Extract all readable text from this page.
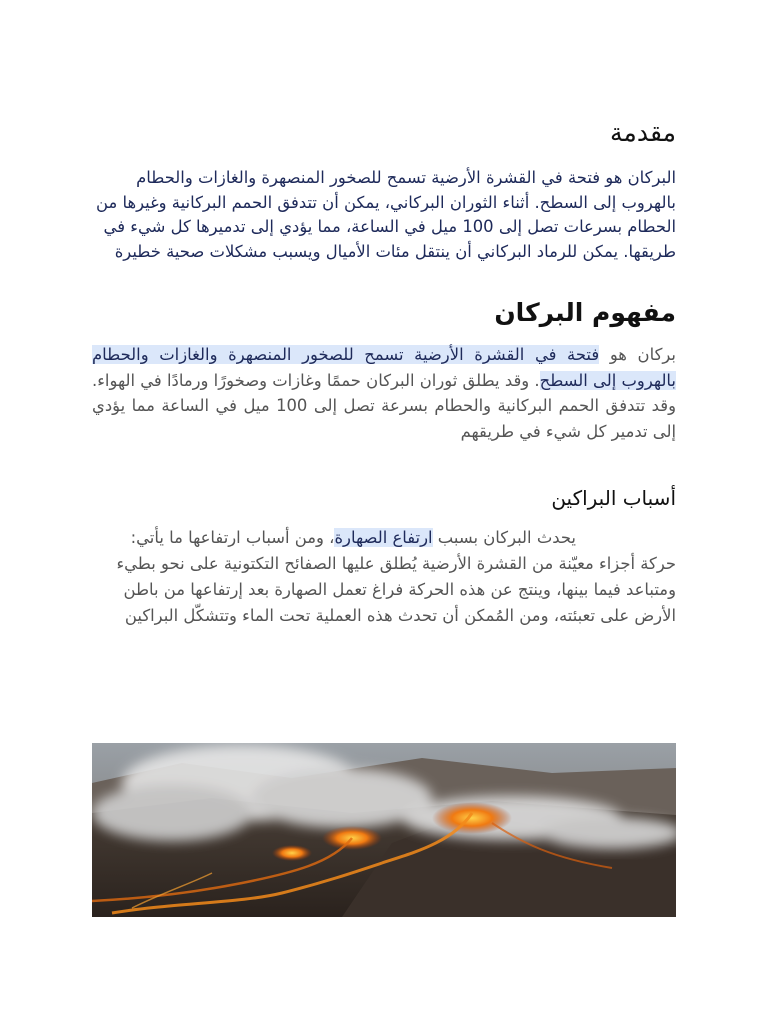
مقدمة

البركان هو فتحة في القشرة الأرضية تسمح للصخور المنصهرة والغازات والحطام بالهروب إلى السطح. أثناء الثوران البركاني، يمكن أن تتدفق الحمم البركانية وغيرها من الحطام بسرعات تصل إلى 100 ميل في الساعة، مما يؤدي إلى تدميرها كل شيء في طريقها. يمكن للرماد البركاني أن ينتقل مئات الأميال ويسبب مشكلات صحية خطيرة

مفهوم البركان

بركان هو فتحة في القشرة الأرضية تسمح للصخور المنصهرة والغازات والحطام بالهروب إلى السطح. وقد يطلق ثوران البركان حممًا وغازات وصخورًا ورمادًا في الهواء. وقد تتدفق الحمم البركانية والحطام بسرعة تصل إلى 100 ميل في الساعة مما يؤدي إلى تدمير كل شيء في طريقهم

أسباب البراكين

يحدث البركان بسبب ارتفاع الصهارة، ومن أسباب ارتفاعها ما يأتي: حركة أجزاء معيّنة من القشرة الأرضية يُطلق عليها الصفائح التكتونية على نحو بطيء ومتباعد فيما بينها، وينتج عن هذه الحركة فراغ تعمل الصهارة بعد إرتفاعها من باطن الأرض على تعبئته، ومن المُمكن أن تحدث هذه العملية تحت الماء وتتشكّل البراكين
